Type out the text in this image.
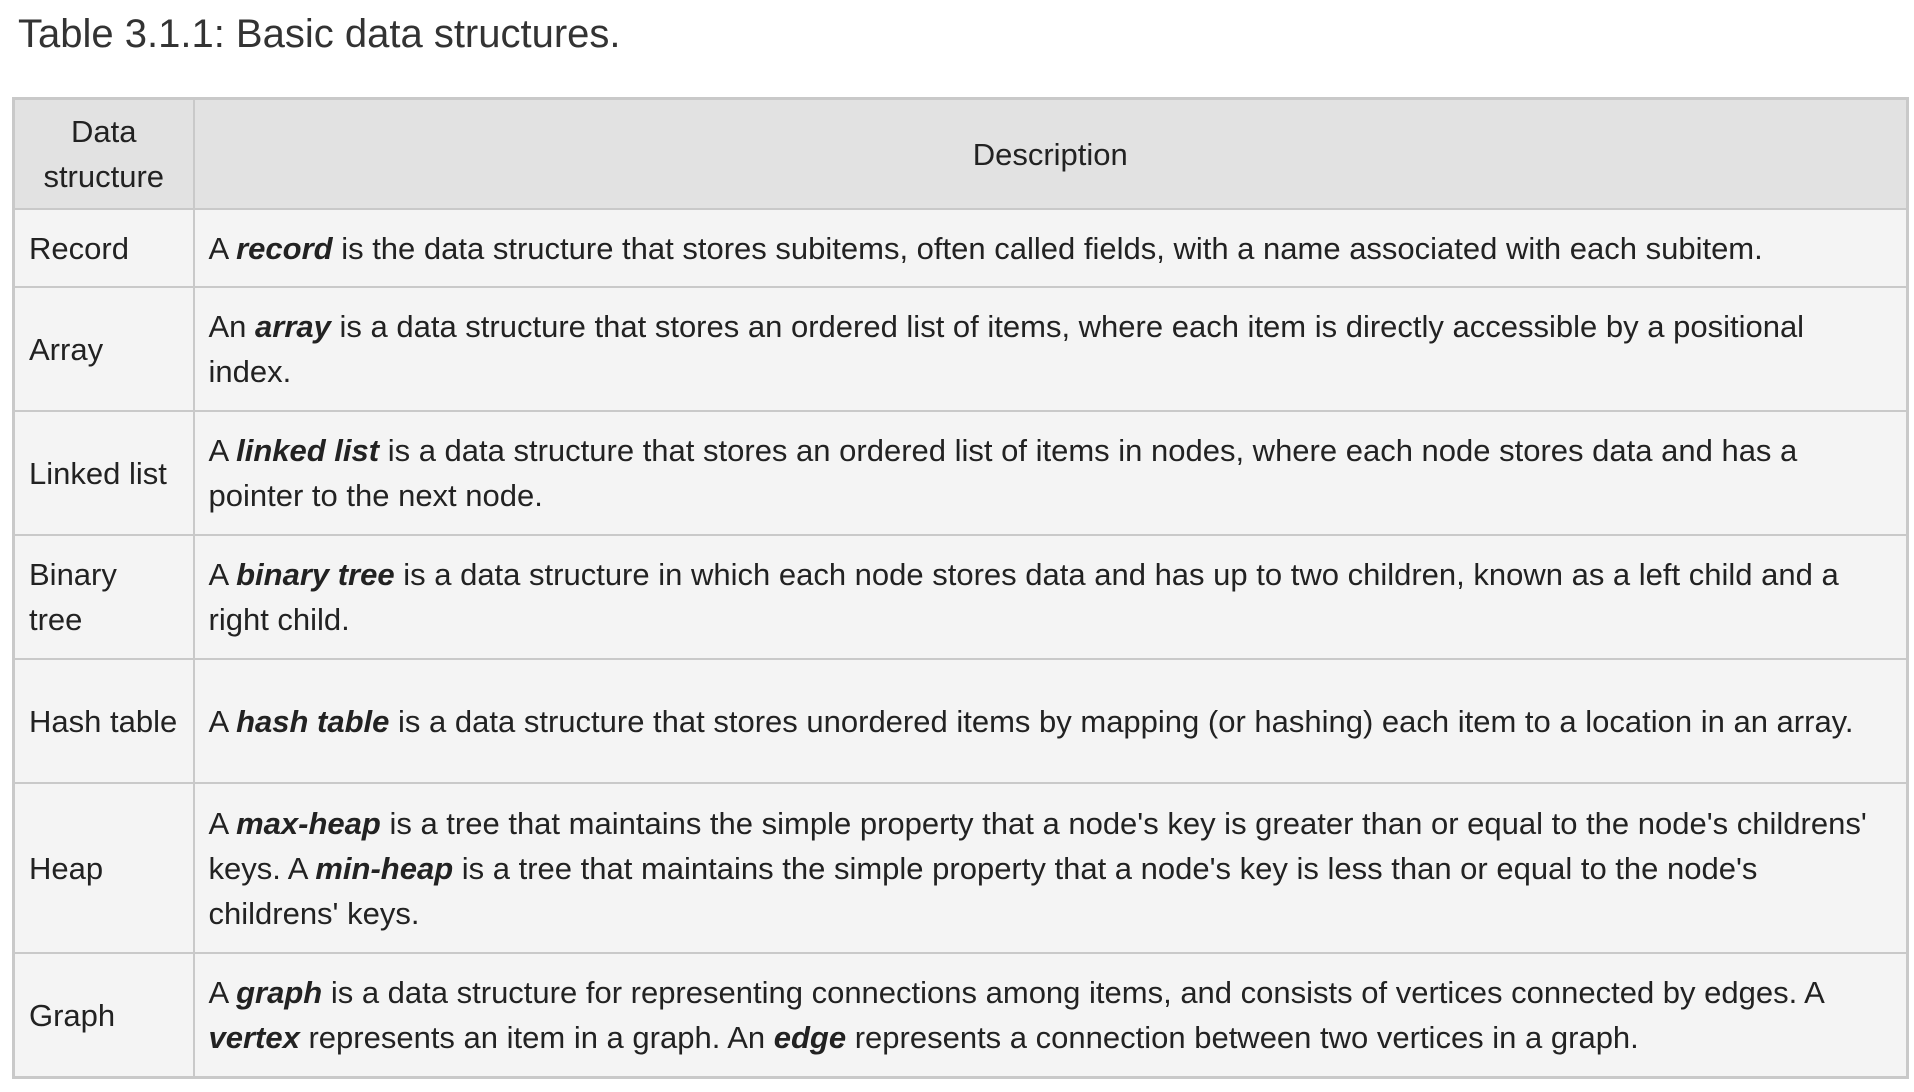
Table 3.1.1: Basic data structures.
Data structure	Description
Record	A record is the data structure that stores subitems, often called fields, with a name associated with each subitem.
Array	An array is a data structure that stores an ordered list of items, where each item is directly accessible by a positional index.
Linked list	A linked list is a data structure that stores an ordered list of items in nodes, where each node stores data and has a pointer to the next node.
Binary tree	A binary tree is a data structure in which each node stores data and has up to two children, known as a left child and a right child.
Hash table	A hash table is a data structure that stores unordered items by mapping (or hashing) each item to a location in an array.
Heap	A max-heap is a tree that maintains the simple property that a node's key is greater than or equal to the node's childrens' keys. A min-heap is a tree that maintains the simple property that a node's key is less than or equal to the node's childrens' keys.
Graph	A graph is a data structure for representing connections among items, and consists of vertices connected by edges. A vertex represents an item in a graph. An edge represents a connection between two vertices in a graph.
